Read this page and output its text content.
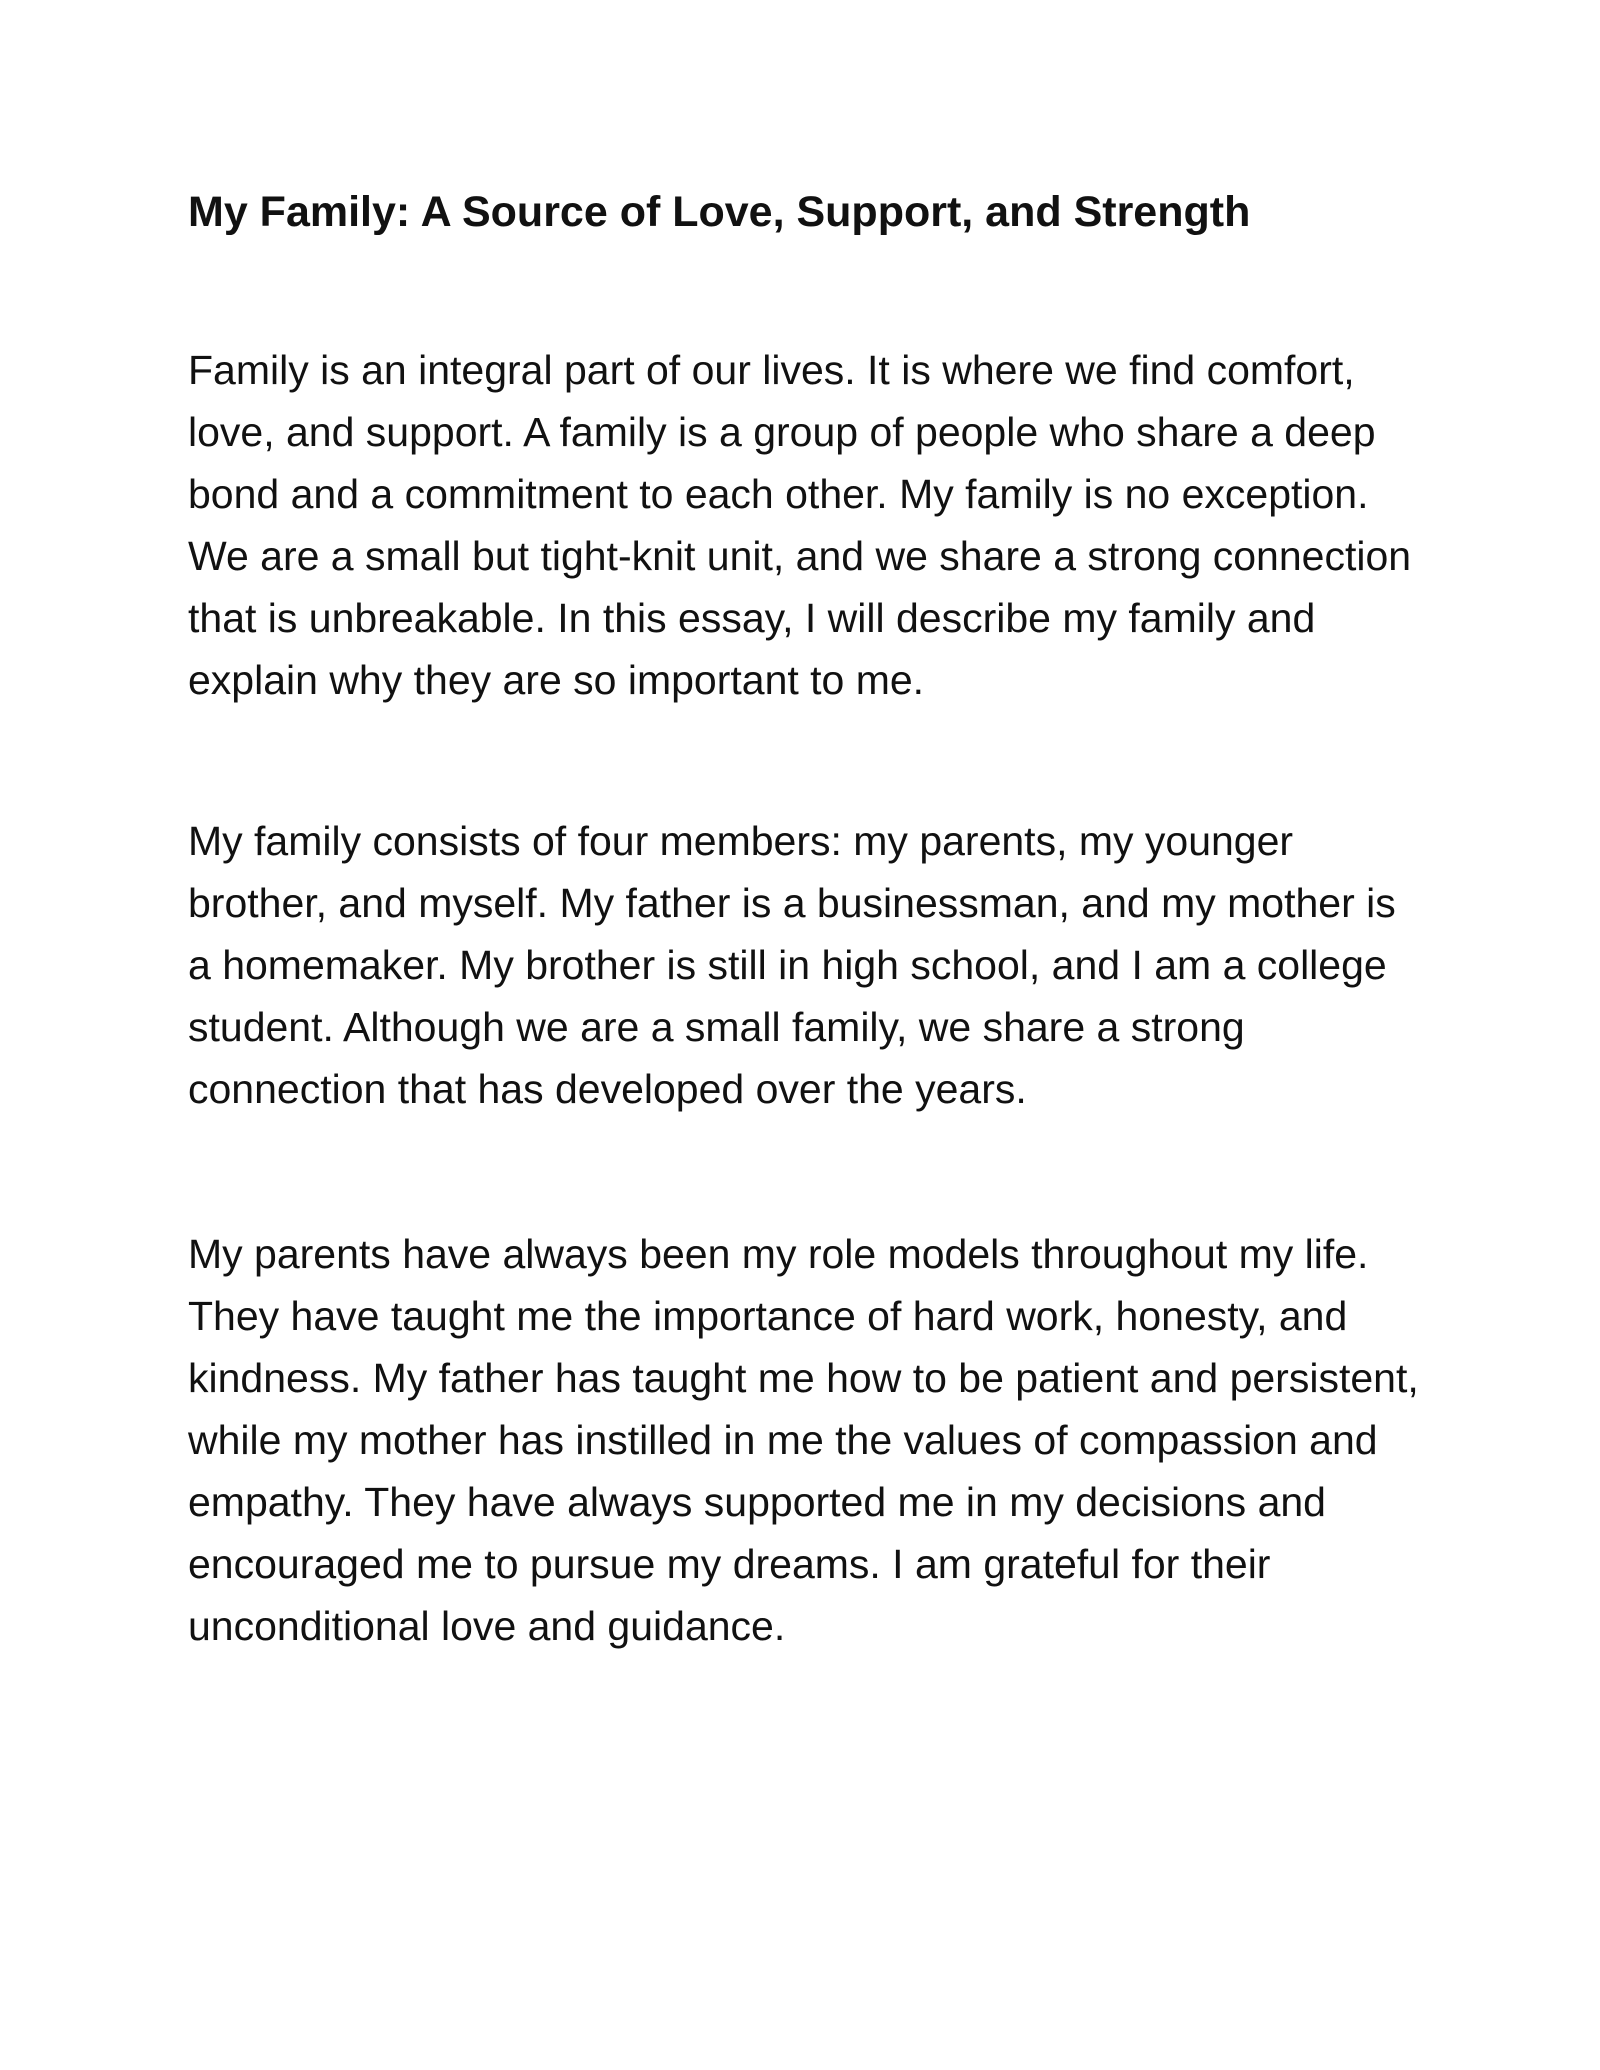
My Family: A Source of Love, Support, and Strength

Family is an integral part of our lives. It is where we find comfort, love, and support. A family is a group of people who share a deep bond and a commitment to each other. My family is no exception. We are a small but tight-knit unit, and we share a strong connection that is unbreakable. In this essay, I will describe my family and explain why they are so important to me.

My family consists of four members: my parents, my younger brother, and myself. My father is a businessman, and my mother is a homemaker. My brother is still in high school, and I am a college student. Although we are a small family, we share a strong connection that has developed over the years.

My parents have always been my role models throughout my life. They have taught me the importance of hard work, honesty, and kindness. My father has taught me how to be patient and persistent, while my mother has instilled in me the values of compassion and empathy. They have always supported me in my decisions and encouraged me to pursue my dreams. I am grateful for their unconditional love and guidance.
